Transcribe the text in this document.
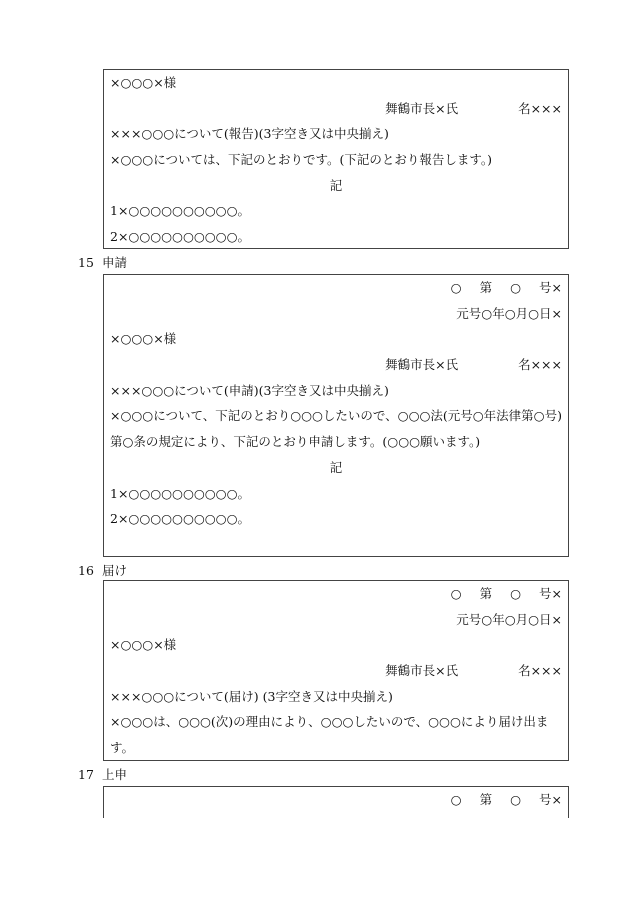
×○○○×様
舞鶴市長×氏	名×××
×××○○○について(報告)(3字空き又は中央揃え)
×○○○については、下記のとおりです。(下記のとおり報告します。)
記
1×○○○○○○○○○○。
2×○○○○○○○○○○。
15 申請
○ 第 ○ 号×
元号○年○月○日×
×○○○×様
舞鶴市長×氏	名×××
×××○○○について(申請)(3字空き又は中央揃え)
×○○○について、下記のとおり○○○したいので、○○○法(元号○年法律第○号)第○条の規定により、下記のとおり申請します。(○○○願います。)
記
1×○○○○○○○○○○。
2×○○○○○○○○○○。
16 届け
○ 第 ○ 号×
元号○年○月○日×
×○○○×様
舞鶴市長×氏	名×××
×××○○○について(届け) (3字空き又は中央揃え)
×○○○は、○○○(次)の理由により、○○○したいので、○○○により届け出ます。
17 上申
○ 第 ○ 号×
